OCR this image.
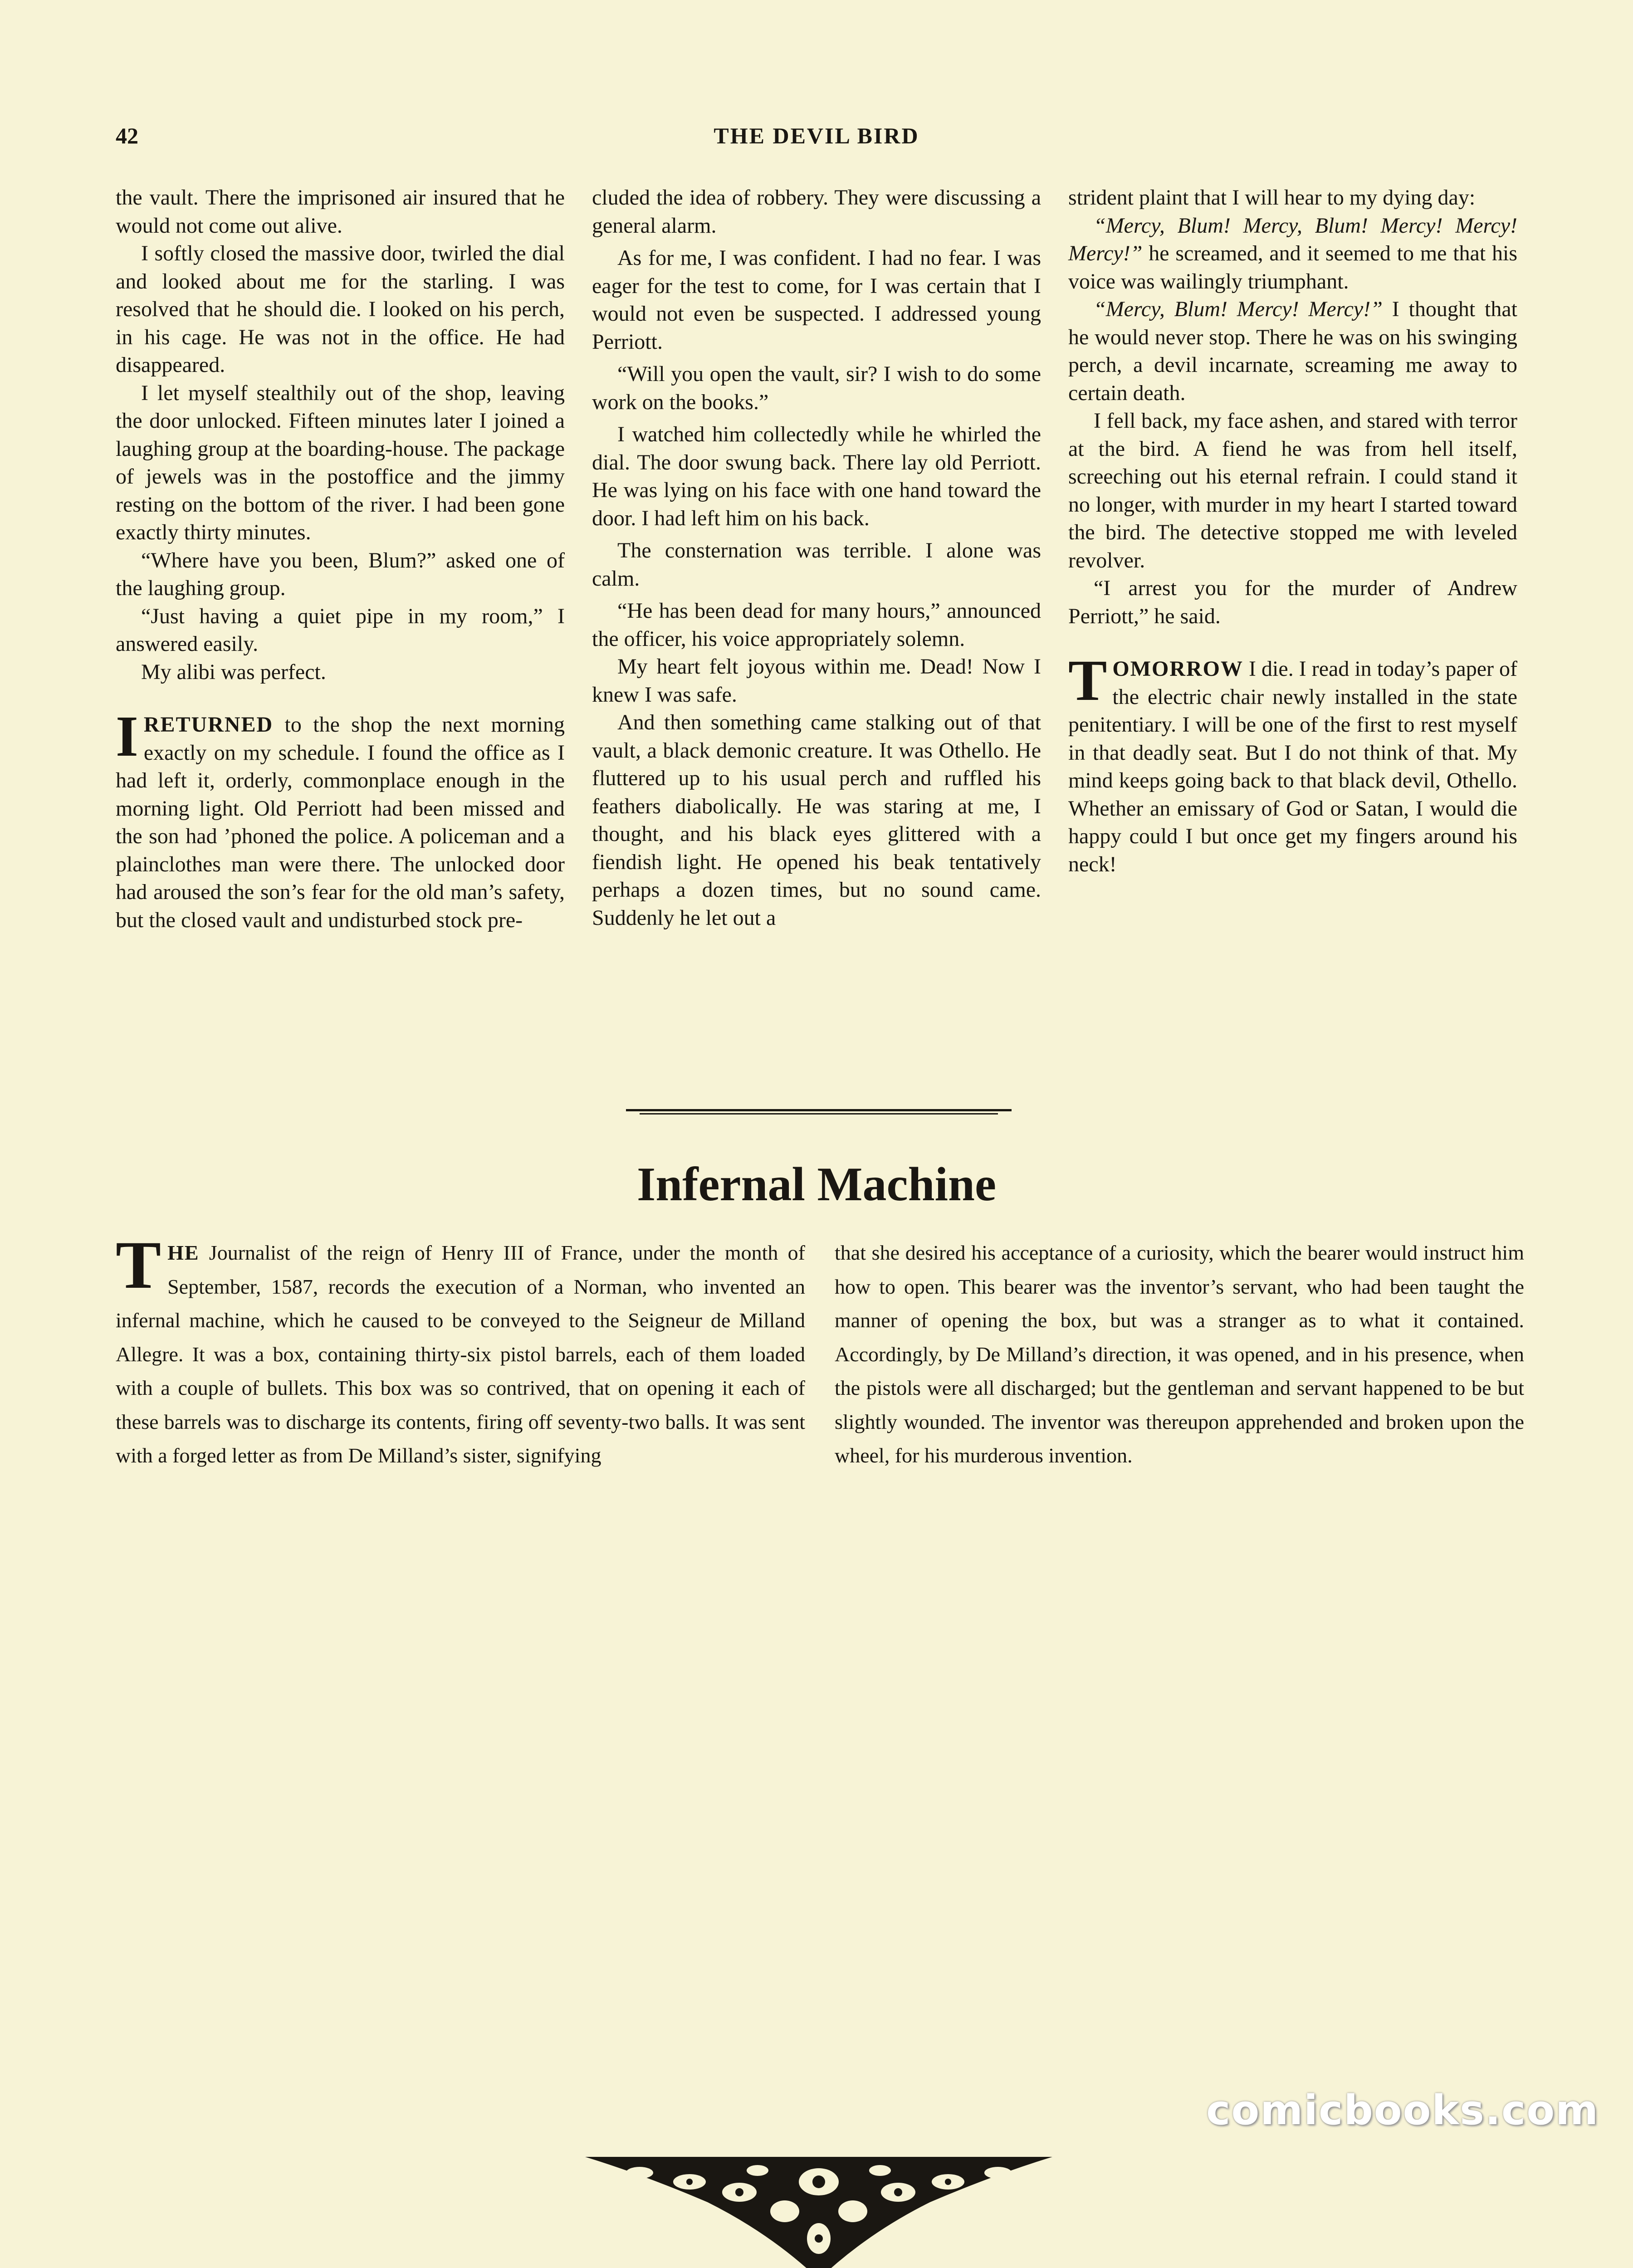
42	THE DEVIL BIRD

the vault. There the imprisoned air insured that he would not come out alive.

I softly closed the massive door, twirled the dial and looked about me for the starling. I was resolved that he should die. I looked on his perch, in his cage. He was not in the office. He had disappeared.

I let myself stealthily out of the shop, leaving the door unlocked. Fifteen minutes later I joined a laughing group at the boarding-house. The package of jewels was in the postoffice and the jimmy resting on the bottom of the river. I had been gone exactly thirty minutes.

“Where have you been, Blum?” asked one of the laughing group.

“Just having a quiet pipe in my room,” I answered easily.

My alibi was perfect.

IRETURNED to the shop the next morning exactly on my schedule. I found the office as I had left it, orderly, commonplace enough in the morning light. Old Perriott had been missed and the son had ’phoned the police. A policeman and a plainclothes man were there. The unlocked door had aroused the son’s fear for the old man’s safety, but the closed vault and undisturbed stock pre-

cluded the idea of robbery. They were discussing a general alarm.

As for me, I was confident. I had no fear. I was eager for the test to come, for I was certain that I would not even be suspected. I addressed young Perriott.

“Will you open the vault, sir? I wish to do some work on the books.”

I watched him collectedly while he whirled the dial. The door swung back. There lay old Perriott. He was lying on his face with one hand toward the door. I had left him on his back.

The consternation was terrible. I alone was calm.

“He has been dead for many hours,” announced the officer, his voice appropriately solemn.

My heart felt joyous within me. Dead! Now I knew I was safe.

And then something came stalking out of that vault, a black demonic creature. It was Othello. He fluttered up to his usual perch and ruffled his feathers diabolically. He was staring at me, I thought, and his black eyes glittered with a fiendish light. He opened his beak tentatively perhaps a dozen times, but no sound came. Suddenly he let out a

strident plaint that I will hear to my dying day:

“Mercy, Blum! Mercy, Blum! Mercy! Mercy! Mercy!” he screamed, and it seemed to me that his voice was wailingly triumphant.

“Mercy, Blum! Mercy! Mercy!” I thought that he would never stop. There he was on his swinging perch, a devil incarnate, screaming me away to certain death.

I fell back, my face ashen, and stared with terror at the bird. A fiend he was from hell itself, screeching out his eternal refrain. I could stand it no longer, with murder in my heart I started toward the bird. The detective stopped me with leveled revolver.

“I arrest you for the murder of Andrew Perriott,” he said.

TOMORROW I die. I read in today’s paper of the electric chair newly installed in the state penitentiary. I will be one of the first to rest myself in that deadly seat. But I do not think of that. My mind keeps going back to that black devil, Othello. Whether an emissary of God or Satan, I would die happy could I but once get my fingers around his neck!

Infernal Machine

THE Journalist of the reign of Henry III of France, under the month of September, 1587, records the execution of a Norman, who invented an infernal machine, which he caused to be conveyed to the Seigneur de Milland Allegre. It was a box, containing thirty-six pistol barrels, each of them loaded with a couple of bullets. This box was so contrived, that on opening it each of these barrels was to discharge its contents, firing off seventy-two balls. It was sent with a forged letter as from De Milland’s sister, signifying

that she desired his acceptance of a curiosity, which the bearer would instruct him how to open. This bearer was the inventor’s servant, who had been taught the manner of opening the box, but was a stranger as to what it contained. Accordingly, by De Milland’s direction, it was opened, and in his presence, when the pistols were all discharged; but the gentleman and servant happened to be but slightly wounded. The inventor was thereupon apprehended and broken upon the wheel, for his murderous invention.

comicbooks.com
